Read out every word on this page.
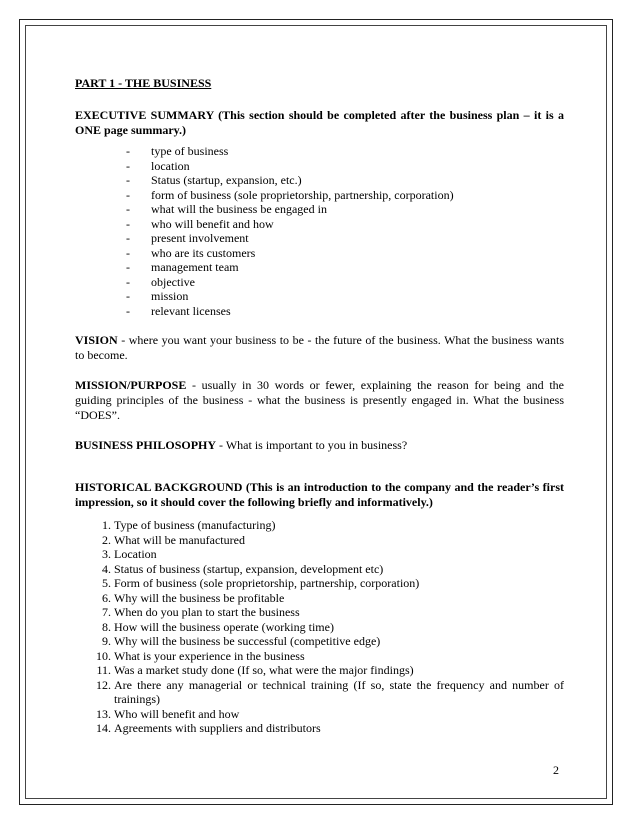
PART 1 - THE BUSINESS

EXECUTIVE SUMMARY (This section should be completed after the business plan – it is a ONE page summary.)

- type of business
- location
- Status (startup, expansion, etc.)
- form of business (sole proprietorship, partnership, corporation)
- what will the business be engaged in
- who will benefit and how
- present involvement
- who are its customers
- management team
- objective
- mission
- relevant licenses

VISION - where you want your business to be - the future of the business. What the business wants to become.

MISSION/PURPOSE - usually in 30 words or fewer, explaining the reason for being and the guiding principles of the business - what the business is presently engaged in. What the business “DOES”.

BUSINESS PHILOSOPHY - What is important to you in business?

HISTORICAL BACKGROUND (This is an introduction to the company and the reader’s first impression, so it should cover the following briefly and informatively.)

1. Type of business (manufacturing)
2. What will be manufactured
3. Location
4. Status of business (startup, expansion, development etc)
5. Form of business (sole proprietorship, partnership, corporation)
6. Why will the business be profitable
7. When do you plan to start the business
8. How will the business operate (working time)
9. Why will the business be successful (competitive edge)
10. What is your experience in the business
11. Was a market study done (If so, what were the major findings)
12. Are there any managerial or technical training (If so, state the frequency and number of trainings)
13. Who will benefit and how
14. Agreements with suppliers and distributors
2
